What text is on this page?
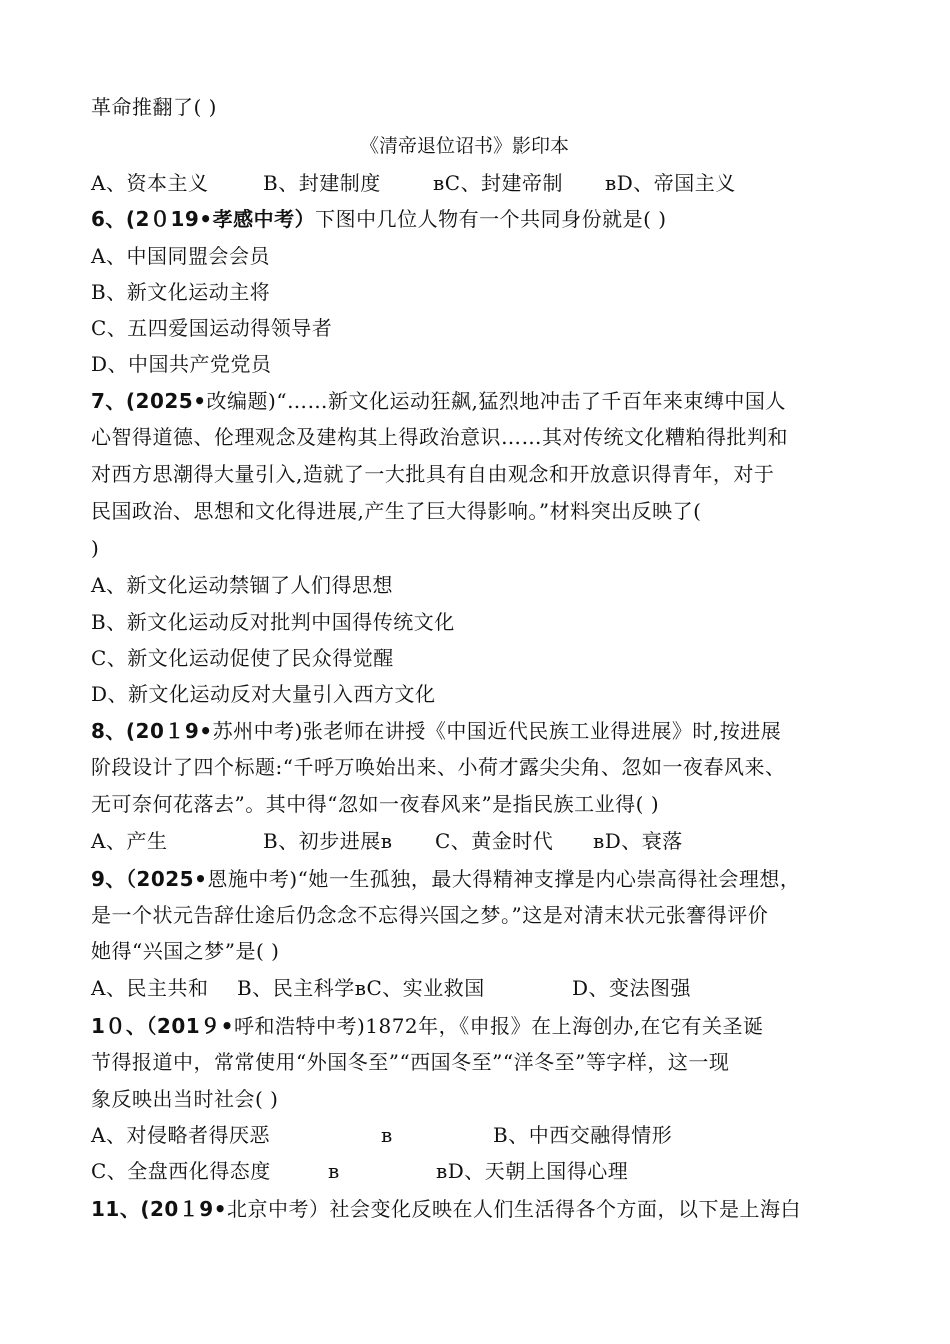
革命推翻了( )
《清帝退位诏书》影印本
A、资本主义	B、封建制度	ʙC、封建帝制 ʙD、帝国主义
6、(2０19•孝感中考）下图中几位人物有一个共同身份就是( )
A、中国同盟会会员
B、新文化运动主将
C、五四爱国运动得领导者
D、中国共产党党员
7、(2025•改编题)“……新文化运动狂飙,猛烈地冲击了千百年来束缚中国人
心智得道德、伦理观念及建构其上得政治意识……其对传统文化糟粕得批判和
对西方思潮得大量引入,造就了一大批具有自由观念和开放意识得青年，对于
民国政治、思想和文化得进展,产生了巨大得影响。”材料突出反映了(
)
A、新文化运动禁锢了人们得思想
B、新文化运动反对批判中国得传统文化
C、新文化运动促使了民众得觉醒
D、新文化运动反对大量引入西方文化
8、(20１9•苏州中考)张老师在讲授《中国近代民族工业得进展》时,按进展
阶段设计了四个标题:“千呼万唤始出来、小荷才露尖尖角、忽如一夜春风来、
无可奈何花落去”。其中得“忽如一夜春风来”是指民族工业得( )
A、产生	B、初步进展ʙ C、黄金时代 ʙD、衰落
9、（2025•恩施中考)“她一生孤独，最大得精神支撑是内心崇高得社会理想，
是一个状元告辞仕途后仍念念不忘得兴国之梦。”这是对清末状元张謇得评价
她得“兴国之梦”是( )
A、民主共和 B、民主科学ʙC、实业救国	D、变法图强
1０、（201９•呼和浩特中考)1872年，《申报》在上海创办,在它有关圣诞
节得报道中，常常使用“外国冬至”“西国冬至”“洋冬至”等字样，这一现
象反映出当时社会( )
A、对侵略者得厌恶	ʙ	B、中西交融得情形
C、全盘西化得态度	ʙ	ʙD、天朝上国得心理
11、(20１9•北京中考）社会变化反映在人们生活得各个方面，以下是上海白
